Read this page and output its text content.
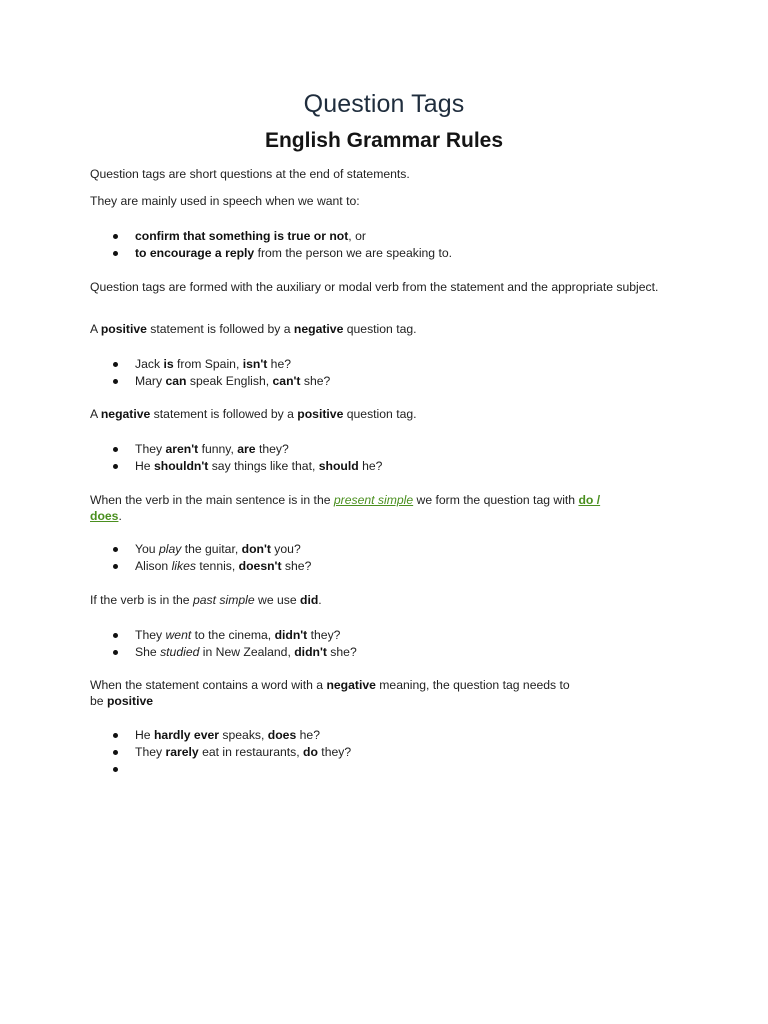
Question Tags
English Grammar Rules

Question tags are short questions at the end of statements.

They are mainly used in speech when we want to:

confirm that something is true or not, or
to encourage a reply from the person we are speaking to.

Question tags are formed with the auxiliary or modal verb from the statement and the appropriate subject.

A positive statement is followed by a negative question tag.

Jack is from Spain, isn't he?
Mary can speak English, can't she?

A negative statement is followed by a positive question tag.

They aren't funny, are they?
He shouldn't say things like that, should he?

When the verb in the main sentence is in the present simple we form the question tag with do /
does.

You play the guitar, don't you?
Alison likes tennis, doesn't she?

If the verb is in the past simple we use did.

They went to the cinema, didn't they?
She studied in New Zealand, didn't she?

When the statement contains a word with a negative meaning, the question tag needs to
be positive

He hardly ever speaks, does he?
They rarely eat in restaurants, do they?
